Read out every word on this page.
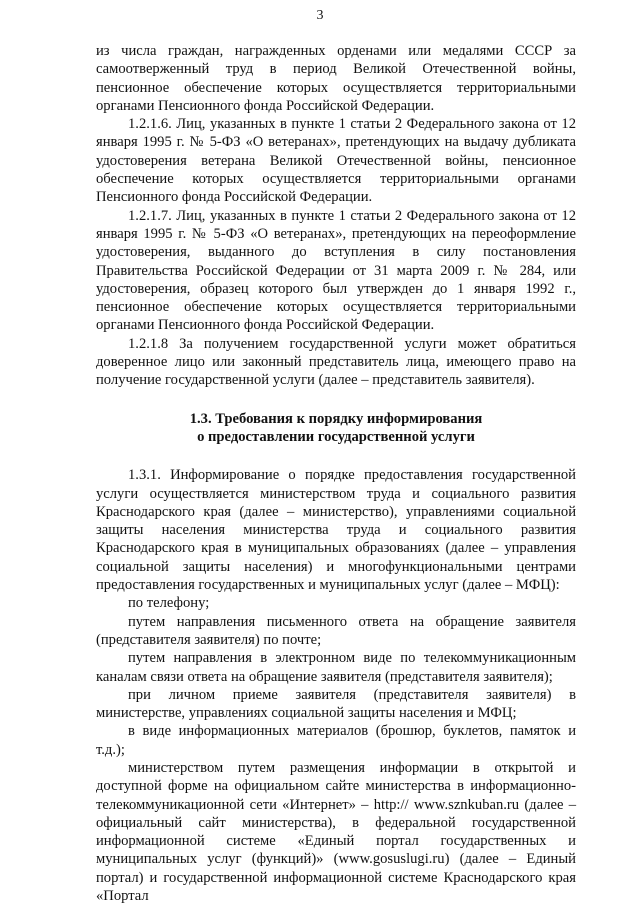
3

из числа граждан, награжденных орденами или медалями СССР за самоотверженный труд в период Великой Отечественной войны, пенсионное обеспечение которых осуществляется территориальными органами Пенсионного фонда Российской Федерации.

1.2.1.6. Лиц, указанных в пункте 1 статьи 2 Федерального закона от 12 января 1995 г. № 5-ФЗ «О ветеранах», претендующих на выдачу дубликата удостоверения ветерана Великой Отечественной войны, пенсионное обеспечение которых осуществляется территориальными органами Пенсионного фонда Российской Федерации.

1.2.1.7. Лиц, указанных в пункте 1 статьи 2 Федерального закона от 12 января 1995 г. № 5-ФЗ «О ветеранах», претендующих на переоформление удостоверения, выданного до вступления в силу постановления Правительства Российской Федерации от 31 марта 2009 г. № 284, или удостоверения, образец которого был утвержден до 1 января 1992 г., пенсионное обеспечение которых осуществляется территориальными органами Пенсионного фонда Российской Федерации.

1.2.1.8 За получением государственной услуги может обратиться доверенное лицо или законный представитель лица, имеющего право на получение государственной услуги (далее – представитель заявителя).

1.3. Требования к порядку информирования
о предоставлении государственной услуги

1.3.1. Информирование о порядке предоставления государственной услуги осуществляется министерством труда и социального развития Краснодарского края (далее – министерство), управлениями социальной защиты населения министерства труда и социального развития Краснодарского края в муниципальных образованиях (далее – управления социальной защиты населения) и многофункциональными центрами предоставления государственных и муниципальных услуг (далее – МФЦ):

по телефону;

путем направления письменного ответа на обращение заявителя (представителя заявителя) по почте;

путем направления в электронном виде по телекоммуникационным каналам связи ответа на обращение заявителя (представителя заявителя);

при личном приеме заявителя (представителя заявителя) в министерстве, управлениях социальной защиты населения и МФЦ;

в виде информационных материалов (брошюр, буклетов, памяток и т.д.);

министерством путем размещения информации в открытой и доступной форме на официальном сайте министерства в информационно-телекоммуникационной сети «Интернет» – http:// www.sznkuban.ru (далее – официальный сайт министерства), в федеральной государственной информационной системе «Единый портал государственных и муниципальных услуг (функций)» (www.gosuslugi.ru) (далее – Единый портал) и государственной информационной системе Краснодарского края «Портал
